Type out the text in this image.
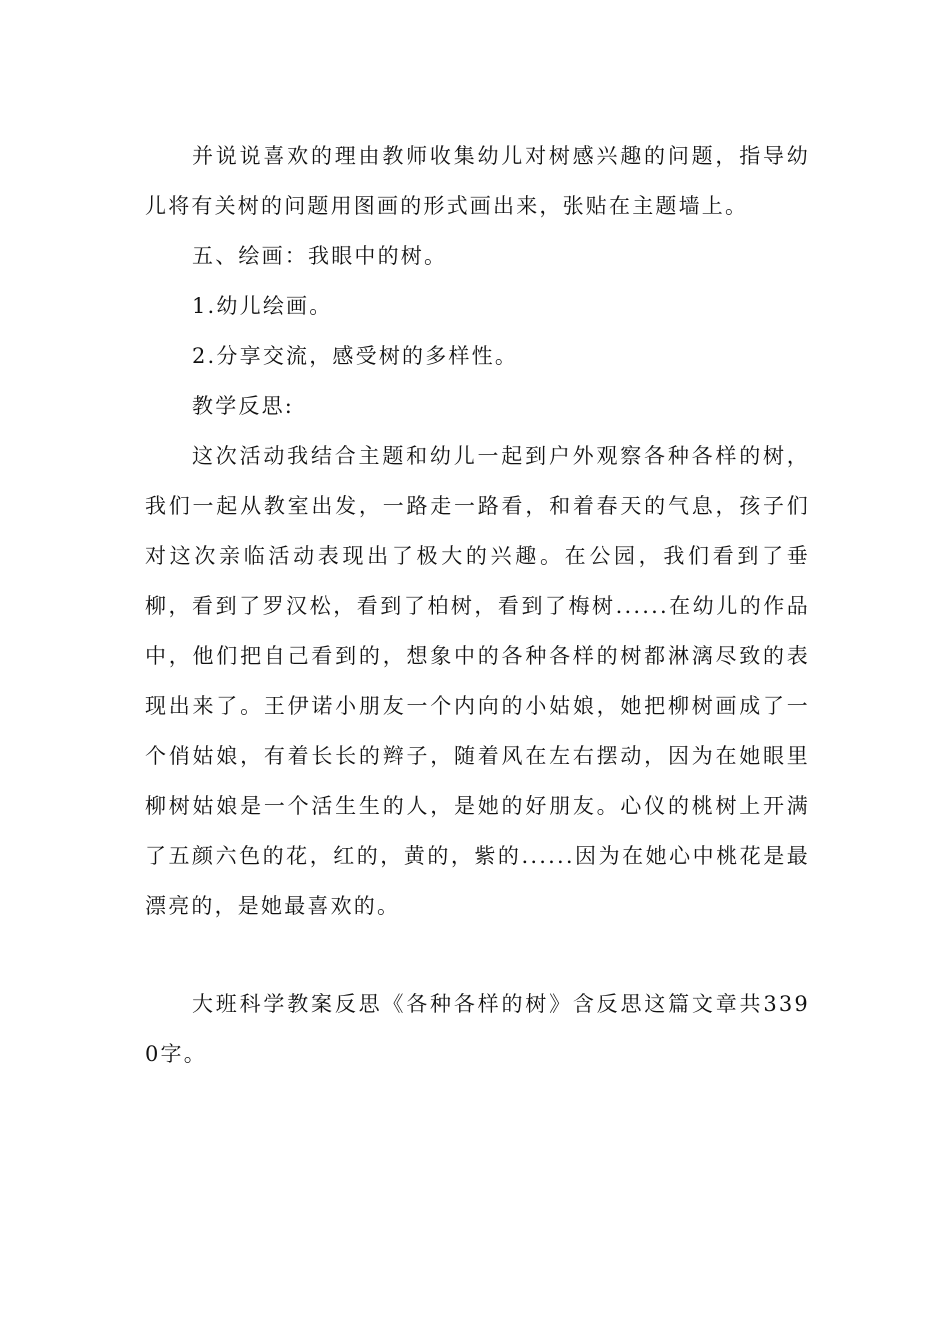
并说说喜欢的理由教师收集幼儿对树感兴趣的问题，指导幼儿将有关树的问题用图画的形式画出来，张贴在主题墙上。

五、绘画：我眼中的树。

1.幼儿绘画。

2.分享交流，感受树的多样性。

教学反思:

这次活动我结合主题和幼儿一起到户外观察各种各样的树，我们一起从教室出发，一路走一路看，和着春天的气息，孩子们对这次亲临活动表现出了极大的兴趣。在公园，我们看到了垂柳，看到了罗汉松，看到了柏树，看到了梅树......在幼儿的作品中，他们把自己看到的，想象中的各种各样的树都淋漓尽致的表现出来了。王伊诺小朋友一个内向的小姑娘，她把柳树画成了一个俏姑娘，有着长长的辫子，随着风在左右摆动，因为在她眼里柳树姑娘是一个活生生的人，是她的好朋友。心仪的桃树上开满了五颜六色的花，红的，黄的，紫的......因为在她心中桃花是最漂亮的，是她最喜欢的。

大班科学教案反思《各种各样的树》含反思这篇文章共3390字。
